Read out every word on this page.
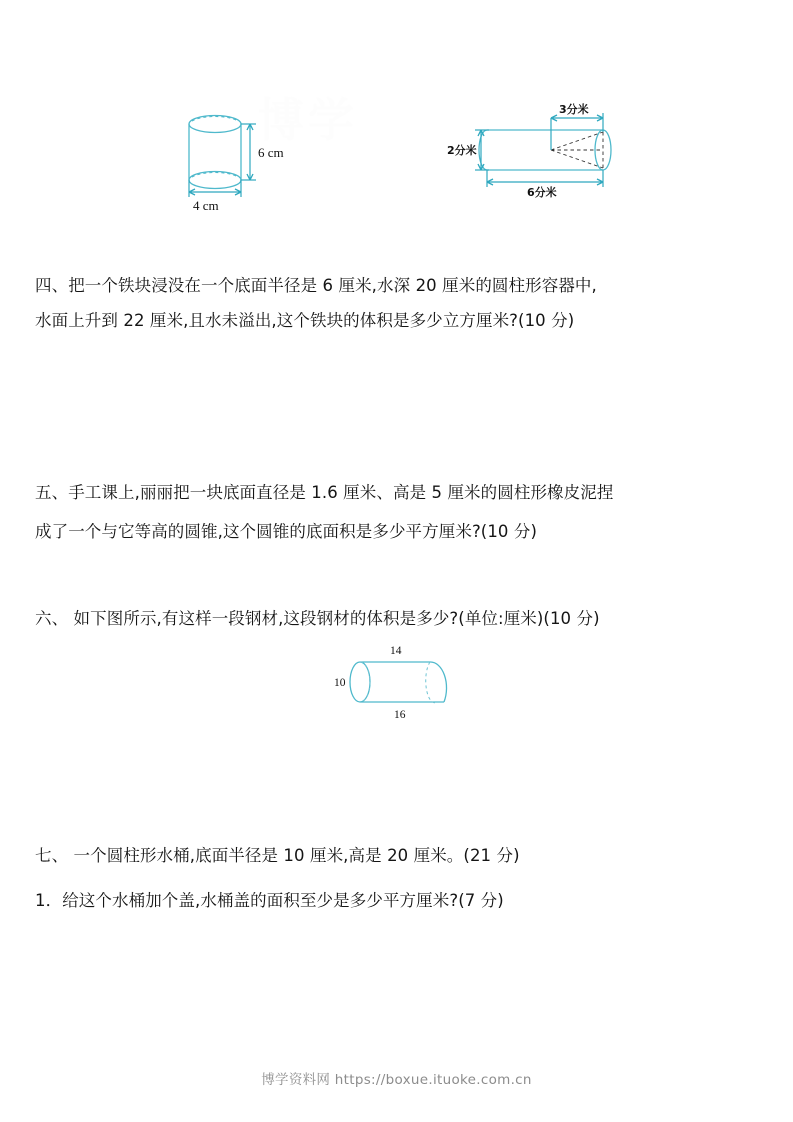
博学
6 cm
4 cm
3分米
2分米
6分米
四、把一个铁块浸没在一个底面半径是 6 厘米,水深 20 厘米的圆柱形容器中,
水面上升到 22 厘米,且水未溢出,这个铁块的体积是多少立方厘米?(10 分)
五、手工课上,丽丽把一块底面直径是 1.6 厘米、高是 5 厘米的圆柱形橡皮泥捏
成了一个与它等高的圆锥,这个圆锥的底面积是多少平方厘米?(10 分)
六、 如下图所示,有这样一段钢材,这段钢材的体积是多少?(单位:厘米)(10 分)
14
16
10
七、 一个圆柱形水桶,底面半径是 10 厘米,高是 20 厘米。(21 分)
1．给这个水桶加个盖,水桶盖的面积至少是多少平方厘米?(7 分)
博学资料网 https://boxue.ituoke.com.cn
